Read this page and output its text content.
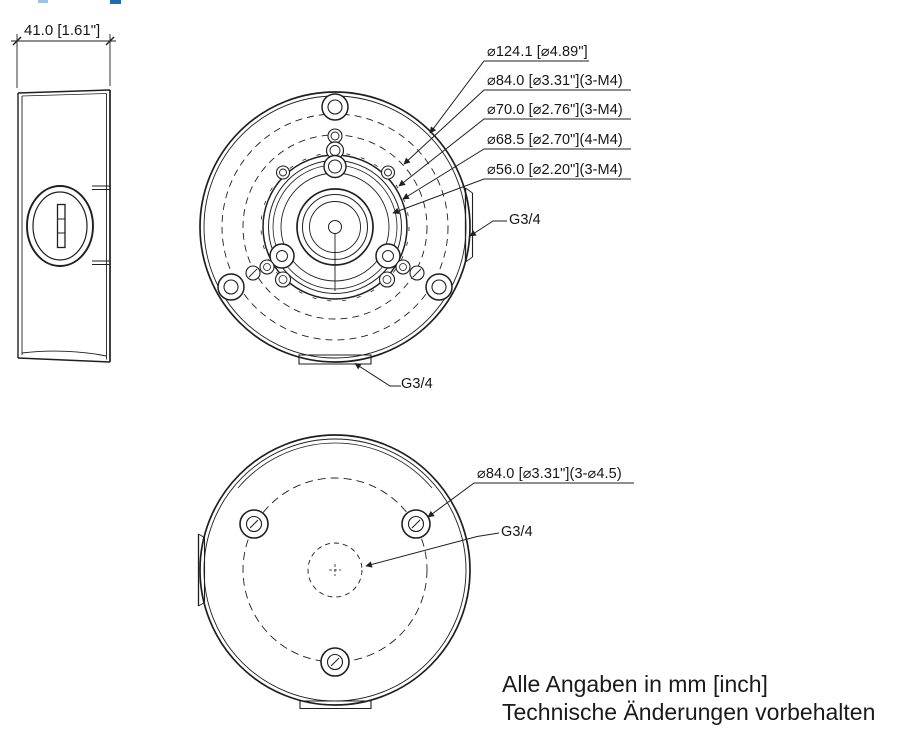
41.0 [1.61"]
⌀124.1 [⌀4.89"]
⌀84.0 [⌀3.31"](3-M4)
⌀70.0 [⌀2.76"](3-M4)
⌀68.5 [⌀2.70"](4-M4)
⌀56.0 [⌀2.20"](3-M4)
G3/4
G3/4
⌀84.0 [⌀3.31"](3-⌀4.5)
G3/4
Alle Angaben in mm [inch]
Technische Änderungen vorbehalten
